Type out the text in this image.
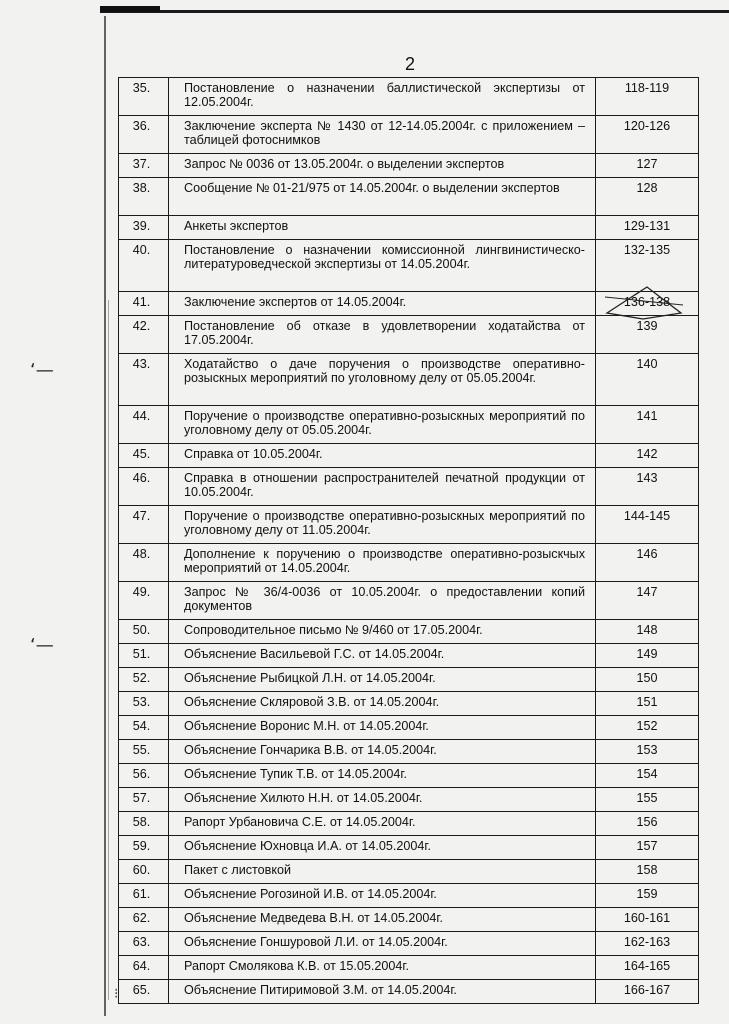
‘—
‘—
2
35.	Постановление о назначении баллистической экспертизы от 12.05.2004г.	118-119
36.	Заключение эксперта № 1430 от 12-14.05.2004г. с приложением – таблицей фотоснимков	120-126
37.	Запрос № 0036 от 13.05.2004г. о выделении экспертов	127
38.	Сообщение № 01-21/975 от 14.05.2004г. о выделении экспертов	128
39.	Анкеты экспертов	129-131
40.	Постановление о назначении комиссионной лингвинистическо-литературоведческой экспертизы от 14.05.2004г.	132-135
41.	Заключение экспертов от 14.05.2004г.	136-138
42.	Постановление об отказе в удовлетворении ходатайства от 17.05.2004г.	139
43.	Ходатайство о даче поручения о производстве оперативно-розыскных мероприятий по уголовному делу от 05.05.2004г.	140
44.	Поручение о производстве оперативно-розыскных мероприятий по уголовному делу от 05.05.2004г.	141
45.	Справка от 10.05.2004г.	142
46.	Справка в отношении распространителей печатной продукции от 10.05.2004г.	143
47.	Поручение о производстве оперативно-розыскных мероприятий по уголовному делу от 11.05.2004г.	144-145
48.	Дополнение к поручению о производстве оперативно-розыскчых мероприятий от 14.05.2004г.	146
49.	Запрос № 36/4-0036 от 10.05.2004г. о предоставлении копий документов	147
50.	Сопроводительное письмо № 9/460 от 17.05.2004г.	148
51.	Объяснение Васильевой Г.С. от 14.05.2004г.	149
52.	Объяснение Рыбицкой Л.Н. от 14.05.2004г.	150
53.	Объяснение Скляровой З.В. от 14.05.2004г.	151
54.	Объяснение Воронис М.Н. от 14.05.2004г.	152
55.	Объяснение Гончарика В.В. от 14.05.2004г.	153
56.	Объяснение Тупик Т.В. от 14.05.2004г.	154
57.	Объяснение Хилюто Н.Н. от 14.05.2004г.	155
58.	Рапорт Урбановича С.Е. от 14.05.2004г.	156
59.	Объяснение Юхновца И.А. от 14.05.2004г.	157
60.	Пакет с листовкой	158
61.	Объяснение Рогозиной И.В. от 14.05.2004г.	159
62.	Объяснение Медведева В.Н. от 14.05.2004г.	160-161
63.	Объяснение Гоншуровой Л.И. от 14.05.2004г.	162-163
64.	Рапорт Смолякова К.В. от 15.05.2004г.	164-165
65.	Объяснение Питиримовой З.М. от 14.05.2004г.	166-167
⁝
